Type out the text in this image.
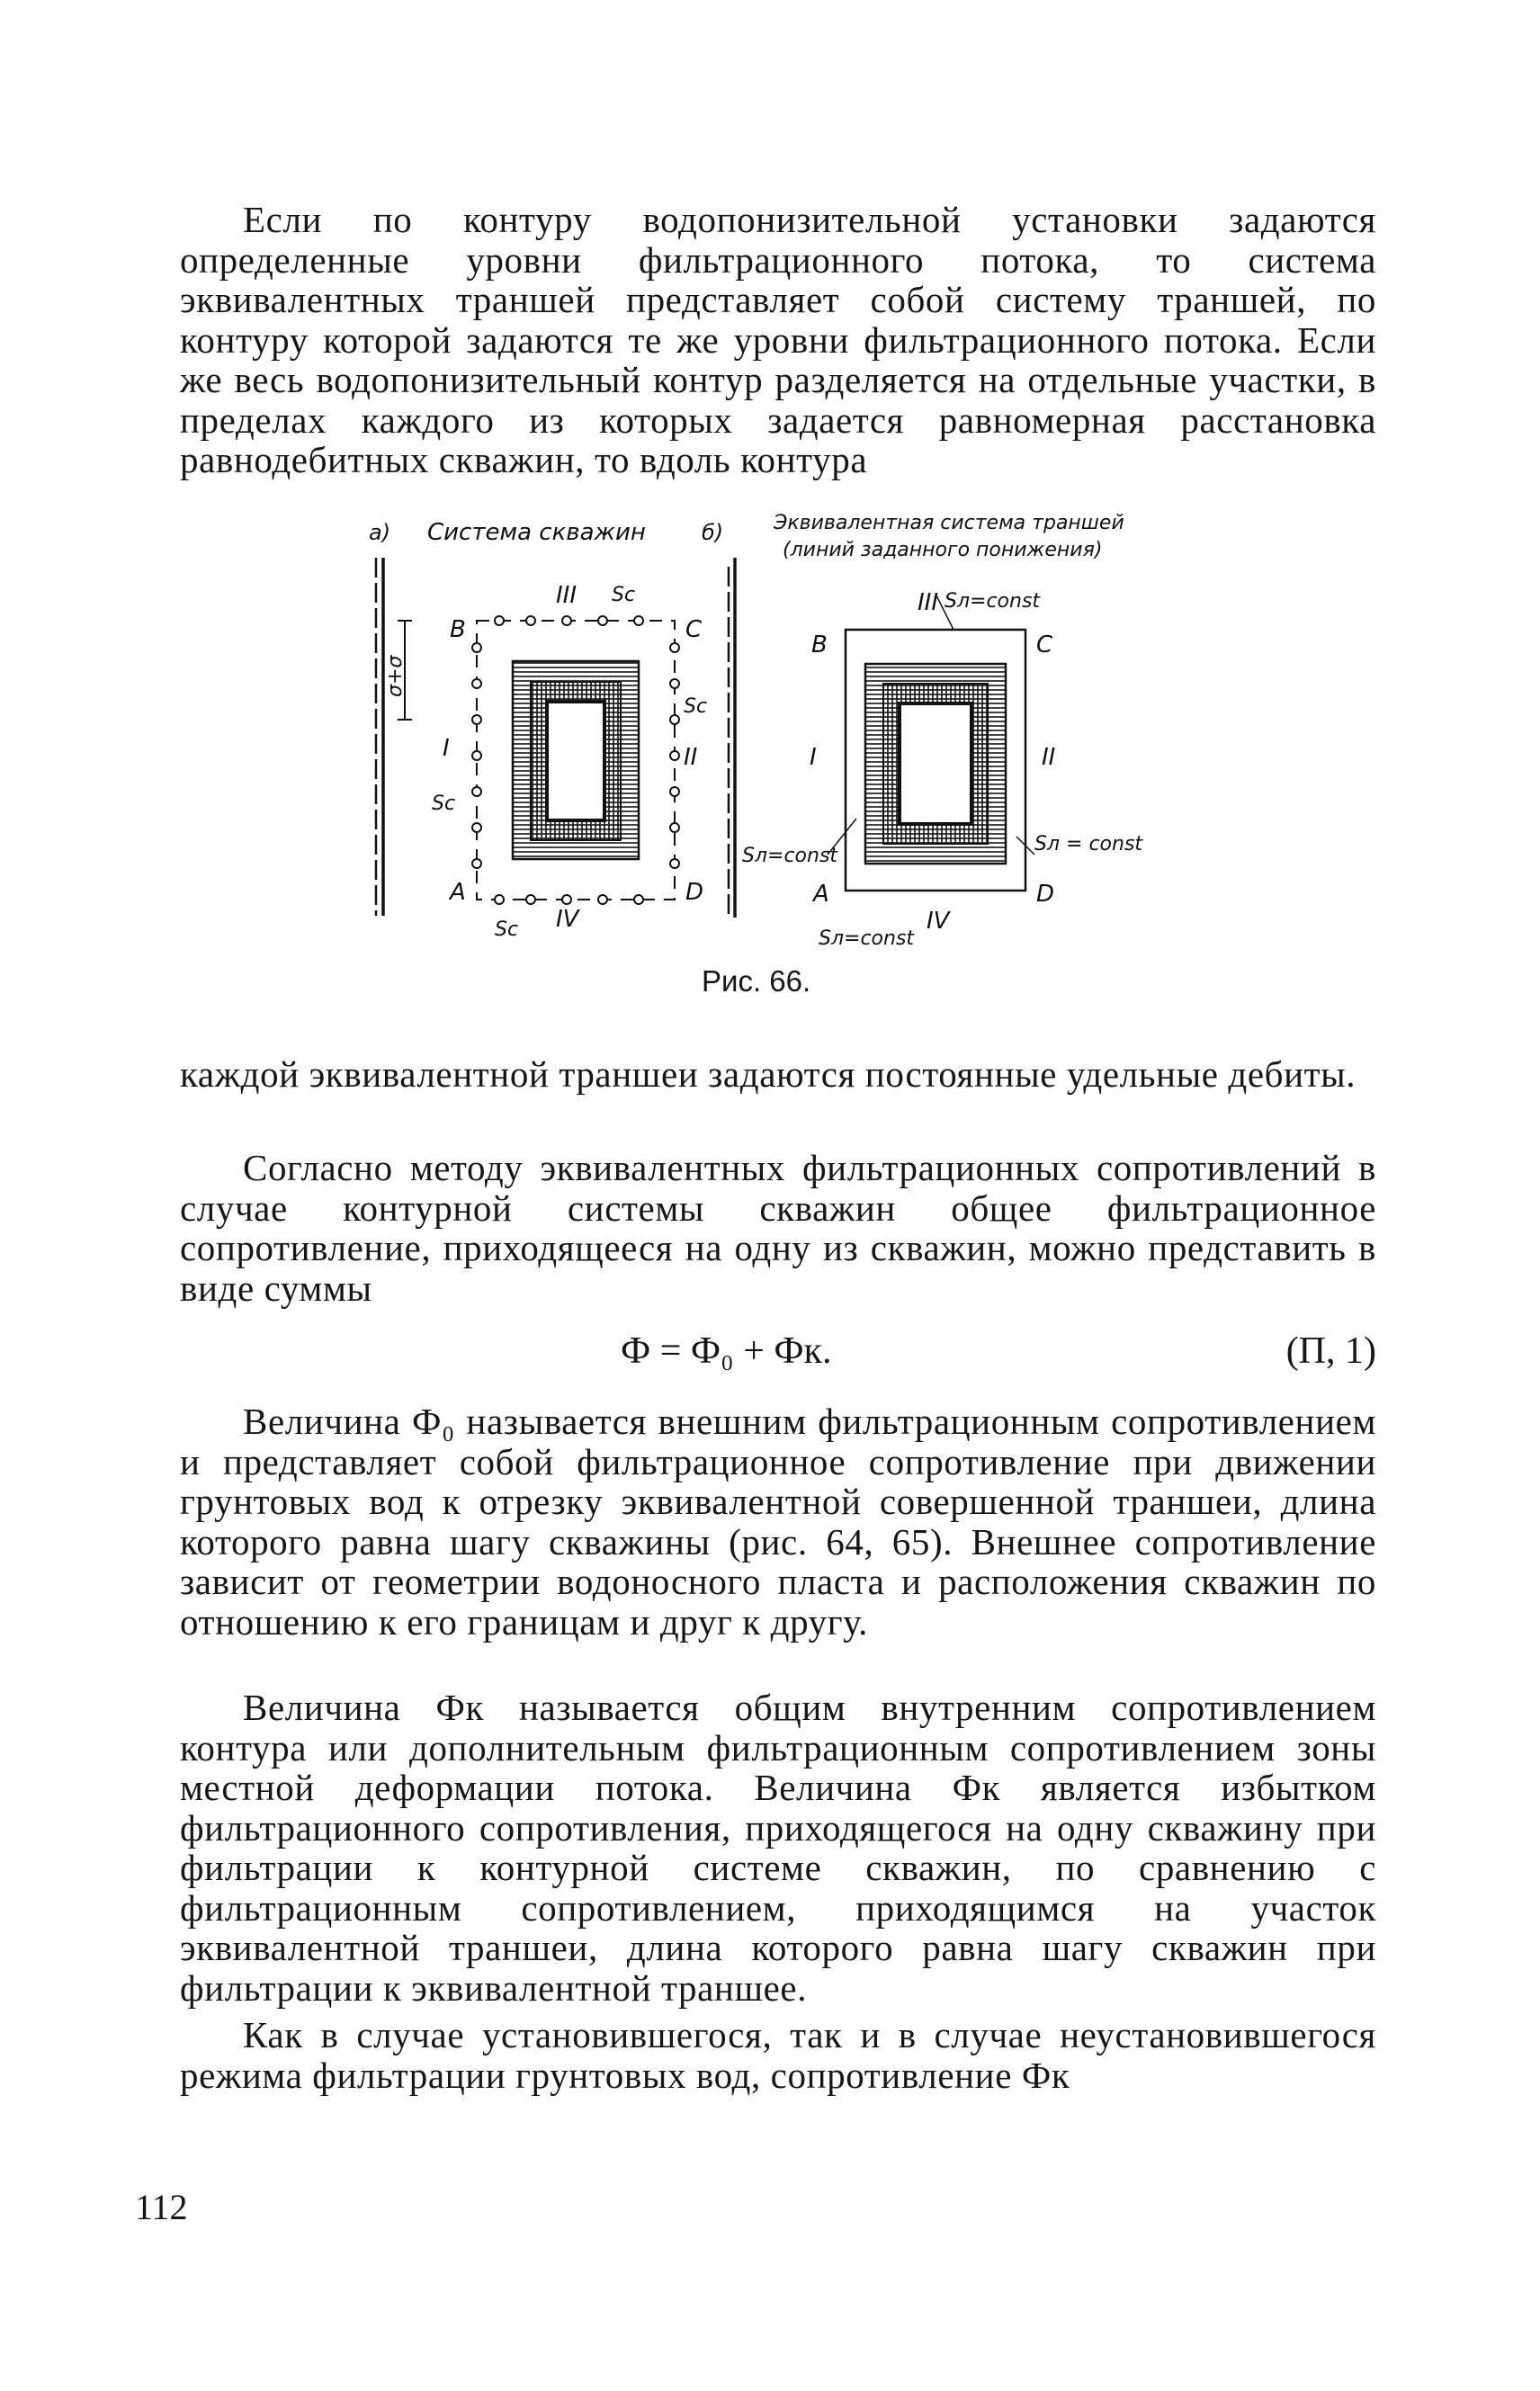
Если по контуру водопонизительной установки задаются определенные уровни фильтрационного потока, то система эквивалентных траншей представляет собой систему траншей, по контуру которой задаются те же уровни фильтрационного потока. Если же весь водопонизительный контур разделяется на отдельные участки, в пределах каждого из которых задается равномерная расстановка равнодебитных скважин, то вдоль контура

а) Система скважин
σ+σ
B	C
A	D
III
II
IV
I
Sc
Sc
Sc
Sc
б)	Эквивалентная система траншей
(линий заданного понижения)
B	C
A	D
III
II
IV
I
Sл=const
Sл=const
Sл = const
Sл=const

Рис. 66.

каждой эквивалентной траншеи задаются постоянные удельные дебиты.

Согласно методу эквивалентных фильтрационных сопротивлений в случае контурной системы скважин общее фильтрационное сопротивление, приходящееся на одну из скважин, можно представить в виде суммы

Ф = Ф₀ + Фк.	(П, 1)

Величина Ф₀ называется внешним фильтрационным сопротивлением и представляет собой фильтрационное сопротивление при движении грунтовых вод к отрезку эквивалентной совершенной траншеи, длина которого равна шагу скважины (рис. 64, 65). Внешнее сопротивление зависит от геометрии водоносного пласта и расположения скважин по отношению к его границам и друг к другу.

Величина Фк называется общим внутренним сопротивлением контура или дополнительным фильтрационным сопротивлением зоны местной деформации потока. Величина Фк является избытком фильтрационного сопротивления, приходящегося на одну скважину при фильтрации к контурной системе скважин, по сравнению с фильтрационным сопротивлением, приходящимся на участок эквивалентной траншеи, длина которого равна шагу скважин при фильтрации к эквивалентной траншее.

Как в случае установившегося, так и в случае неустановившегося режима фильтрации грунтовых вод, сопротивление Фк

112
